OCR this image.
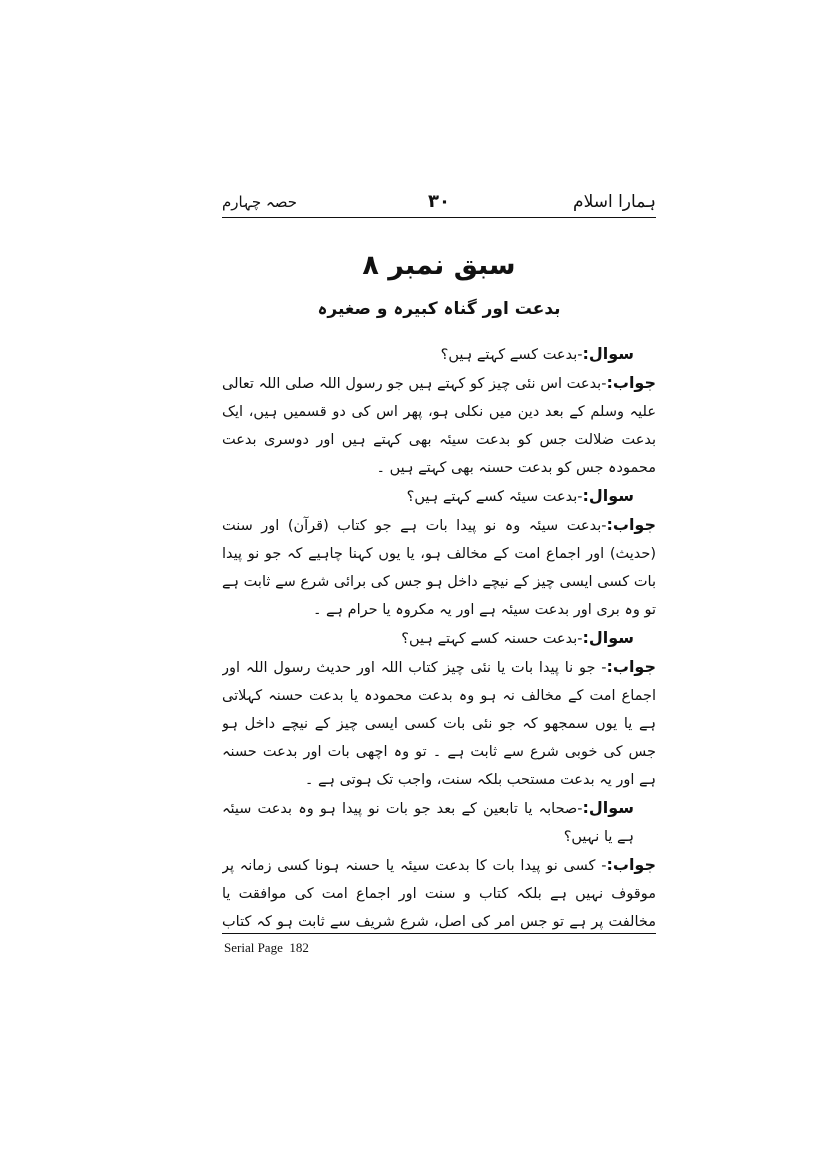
ہمارا اسلام
۳۰
حصہ چہارم
سبق نمبر ۸
بدعت اور گناہ کبیرہ و صغیرہ

سوال:-بدعت کسے کہتے ہیں؟

جواب:-بدعت اس نئی چیز کو کہتے ہیں جو رسول اللہ صلی اللہ تعالی علیہ وسلم کے بعد دین میں نکلی ہو، پھر اس کی دو قسمیں ہیں، ایک بدعت ضلالت جس کو بدعت سیئہ بھی کہتے ہیں اور دوسری بدعت محمودہ جس کو بدعت حسنہ بھی کہتے ہیں ۔

سوال:-بدعت سیئہ کسے کہتے ہیں؟

جواب:-بدعت سیئہ وہ نو پیدا بات ہے جو کتاب (قرآن) اور سنت (حدیث) اور اجماع امت کے مخالف ہو، یا یوں کہنا چاہیے کہ جو نو پیدا بات کسی ایسی چیز کے نیچے داخل ہو جس کی برائی شرع سے ثابت ہے تو وہ بری اور بدعت سیئہ ہے اور یہ مکروہ یا حرام ہے ۔

سوال:-بدعت حسنہ کسے کہتے ہیں؟

جواب:- جو نا پیدا بات یا نئی چیز کتاب اللہ اور حدیث رسول اللہ اور اجماع امت کے مخالف نہ ہو وہ بدعت محمودہ یا بدعت حسنہ کہلاتی ہے یا یوں سمجھو کہ جو نئی بات کسی ایسی چیز کے نیچے داخل ہو جس کی خوبی شرع سے ثابت ہے ۔ تو وہ اچھی بات اور بدعت حسنہ ہے اور یہ بدعت مستحب بلکہ سنت، واجب تک ہوتی ہے ۔

سوال:-صحابہ یا تابعین کے بعد جو بات نو پیدا ہو وہ بدعت سیئہ ہے یا نہیں؟

جواب:- کسی نو پیدا بات کا بدعت سیئہ یا حسنہ ہونا کسی زمانہ پر موقوف نہیں ہے بلکہ کتاب و سنت اور اجماع امت کی موافقت یا مخالفت پر ہے تو جس امر کی اصل، شرع شریف سے ثابت ہو کہ کتاب

Serial Page 182
